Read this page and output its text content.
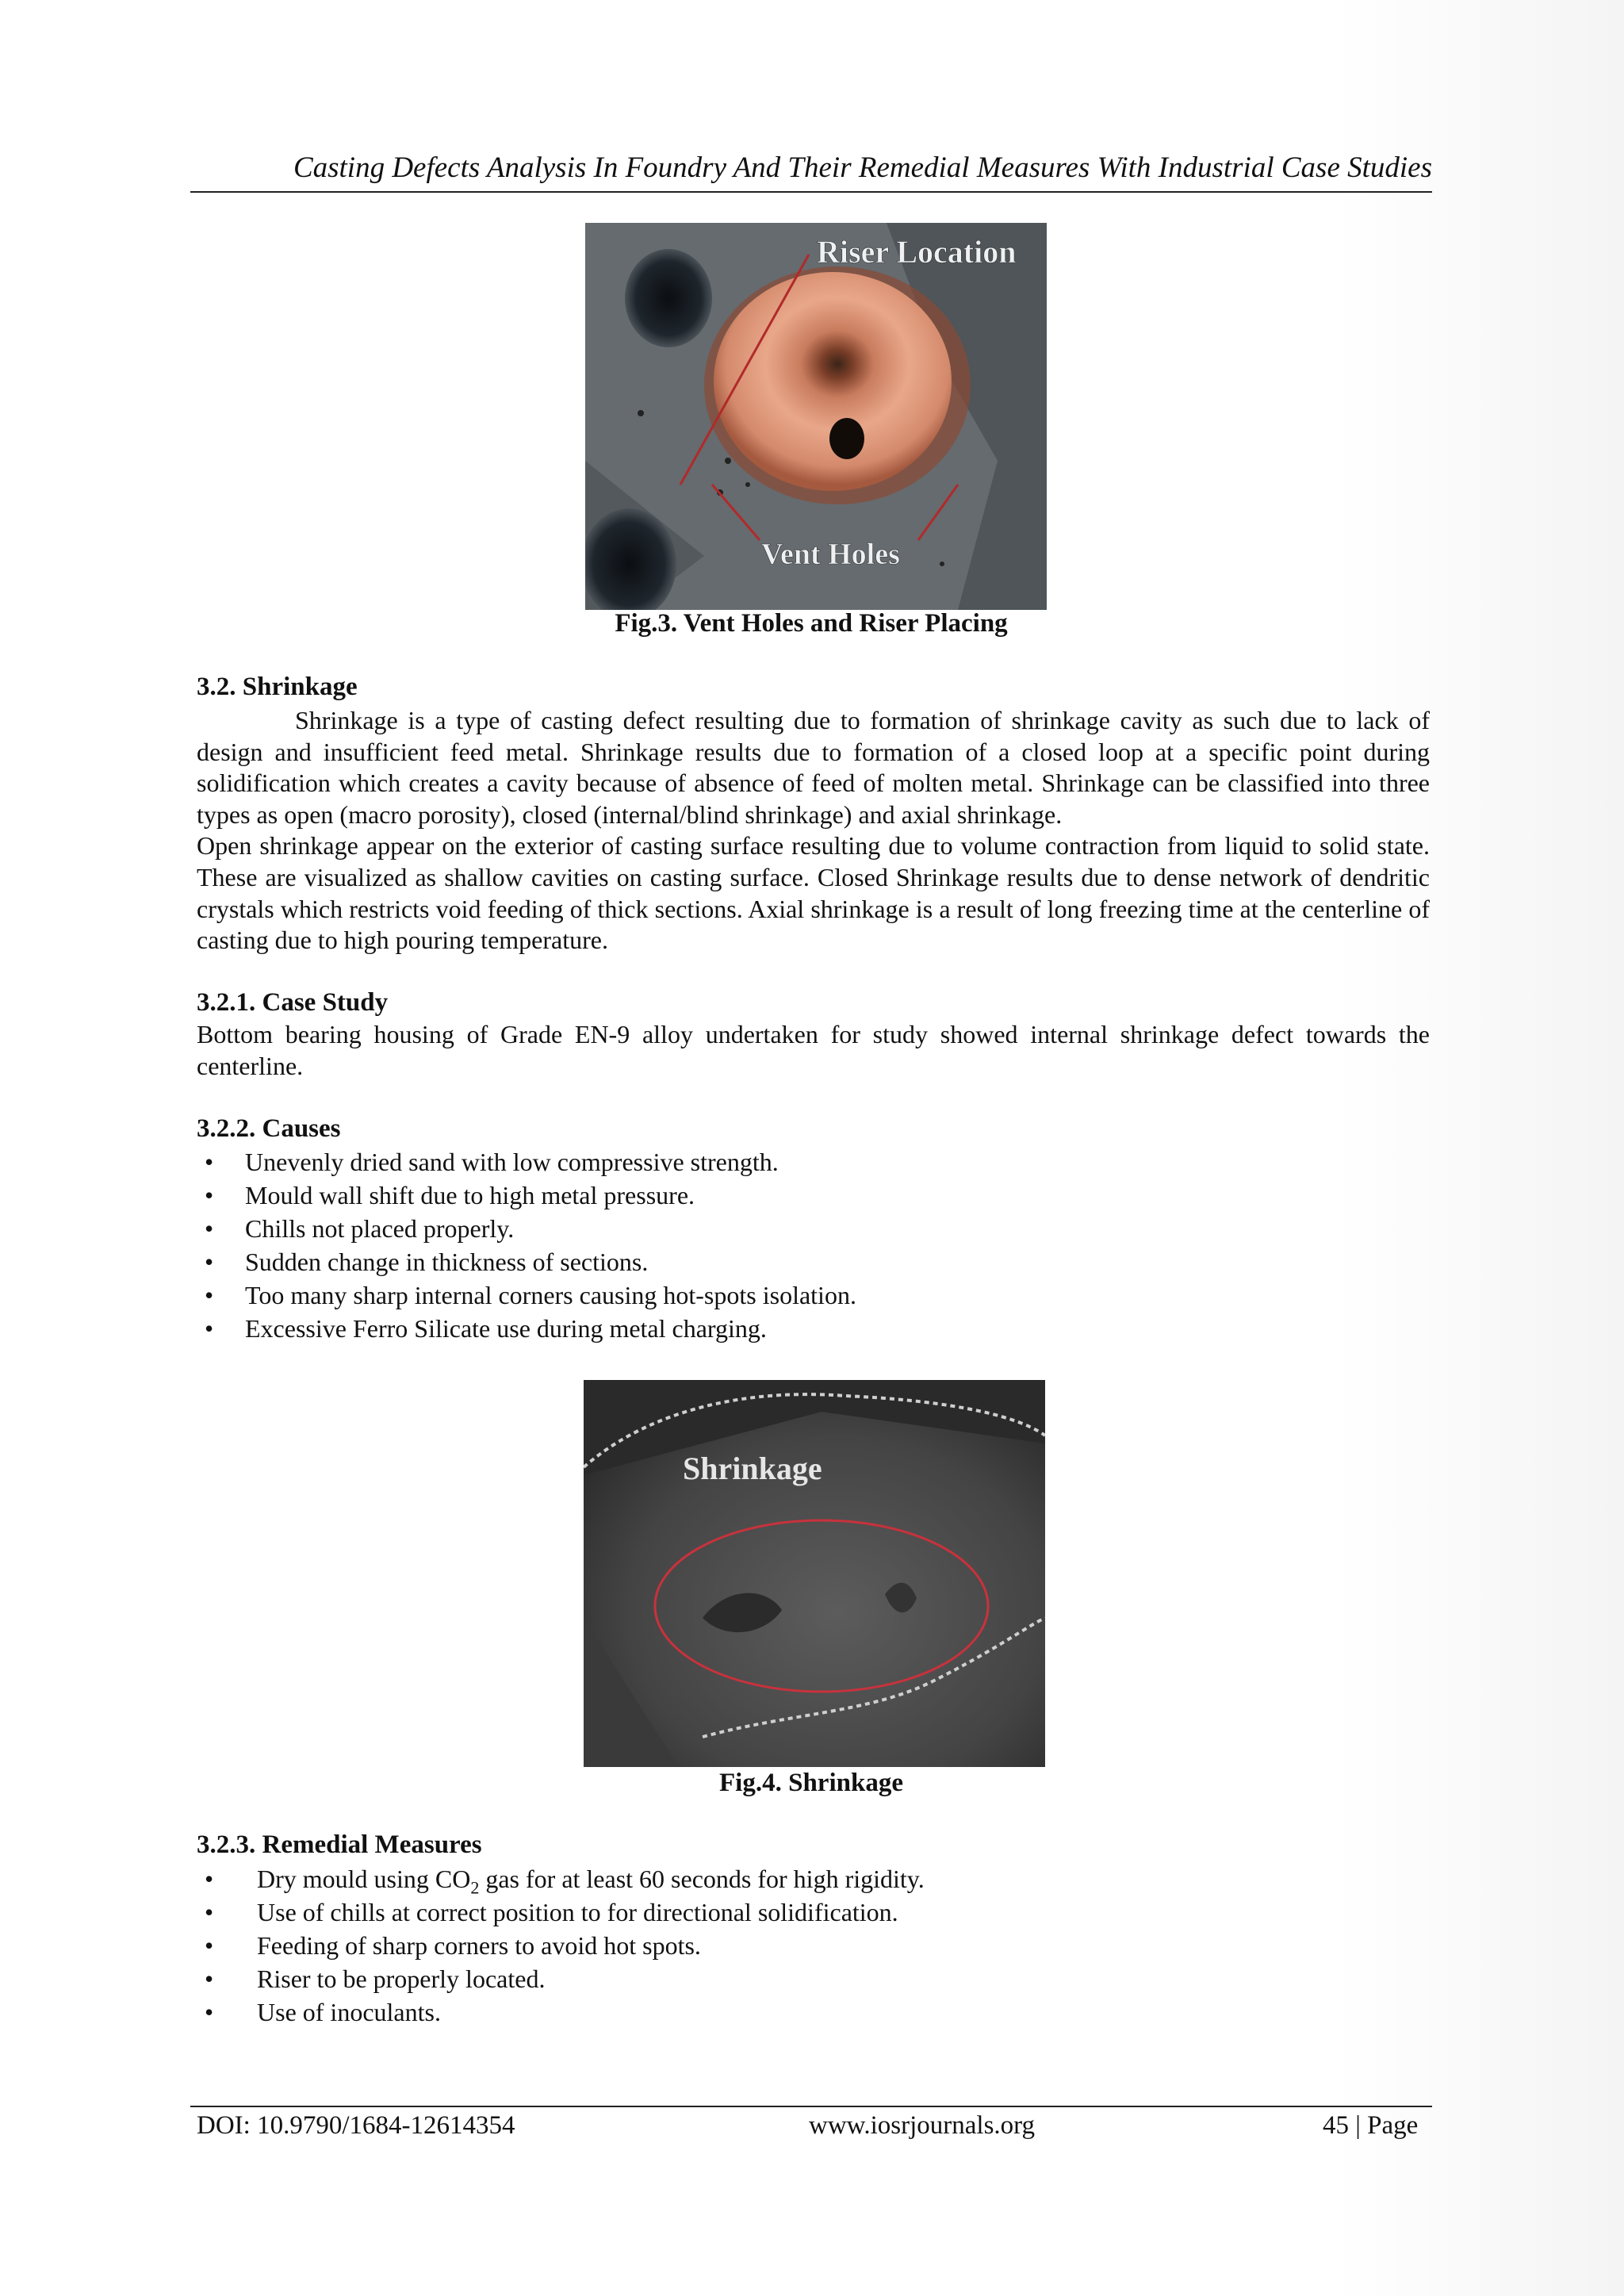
Casting Defects Analysis In Foundry And Their Remedial Measures With Industrial Case Studies
Riser Location
Vent Holes
Fig.3. Vent Holes and Riser Placing
3.2. Shrinkage

Shrinkage is a type of casting defect resulting due to formation of shrinkage cavity as such due to lack of design and insufficient feed metal. Shrinkage results due to formation of a closed loop at a specific point during solidification which creates a cavity because of absence of feed of molten metal. Shrinkage can be classified into three types as open (macro porosity), closed (internal/blind shrinkage) and axial shrinkage.

Open shrinkage appear on the exterior of casting surface resulting due to volume contraction from liquid to solid state. These are visualized as shallow cavities on casting surface. Closed Shrinkage results due to dense network of dendritic crystals which restricts void feeding of thick sections. Axial shrinkage is a result of long freezing time at the centerline of casting due to high pouring temperature.

3.2.1. Case Study
Bottom bearing housing of Grade EN-9 alloy undertaken for study showed internal shrinkage defect towards the centerline.
3.2.2. Causes
• Unevenly dried sand with low compressive strength.
• Mould wall shift due to high metal pressure.
• Chills not placed properly.
• Sudden change in thickness of sections.
• Too many sharp internal corners causing hot-spots isolation.
• Excessive Ferro Silicate use during metal charging.
Shrinkage
Fig.4. Shrinkage
3.2.3. Remedial Measures
• Dry mould using $CO_2$ gas for at least 60 seconds for high rigidity.
• Use of chills at correct position to for directional solidification.
• Feeding of sharp corners to avoid hot spots.
• Riser to be properly located.
• Use of inoculants.
DOI: 10.9790/1684-12614354	www.iosrjournals.org	45 | Page
